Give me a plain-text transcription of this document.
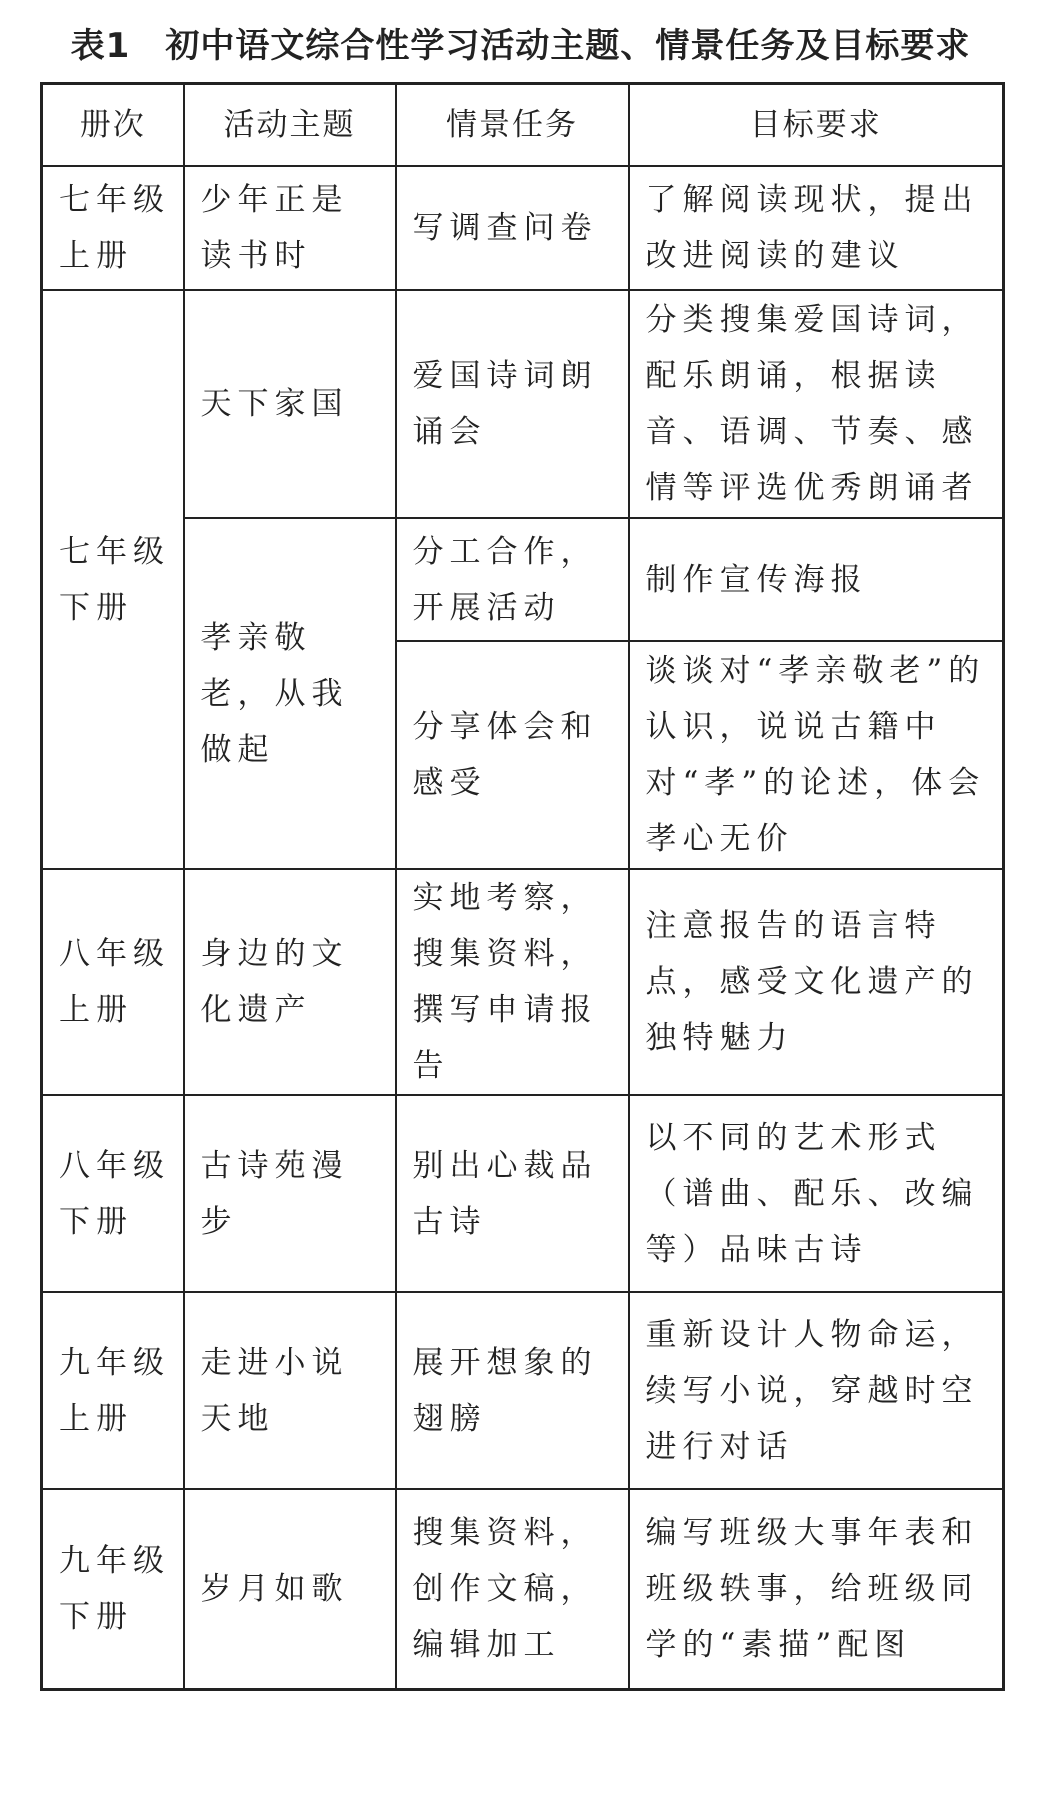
表1　初中语文综合性学习活动主题、情景任务及目标要求
册次	活动主题	情景任务	目标要求
七年级上册	少年正是读书时	写调查问卷	了解阅读现状，提出改进阅读的建议
七年级下册	天下家国	爱国诗词朗诵会	分类搜集爱国诗词，配乐朗诵，根据读音、语调、节奏、感情等评选优秀朗诵者
	孝亲敬老，从我做起	分工合作，开展活动	制作宣传海报
		分享体会和感受	谈谈对“孝亲敬老”的认识，说说古籍中对“孝”的论述，体会孝心无价
八年级上册	身边的文化遗产	实地考察，搜集资料，撰写申请报告	注意报告的语言特点，感受文化遗产的独特魅力
八年级下册	古诗苑漫步	别出心裁品古诗	以不同的艺术形式（谱曲、配乐、改编等）品味古诗
九年级上册	走进小说天地	展开想象的翅膀	重新设计人物命运，续写小说，穿越时空进行对话
九年级下册	岁月如歌	搜集资料，创作文稿，编辑加工	编写班级大事年表和班级轶事，给班级同学的“素描”配图
